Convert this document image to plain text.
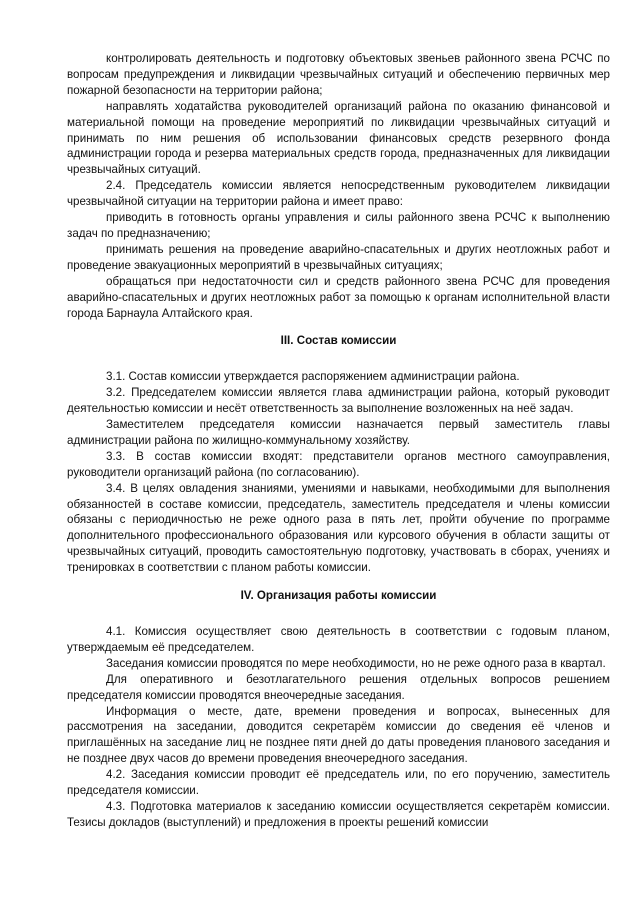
контролировать деятельность и подготовку объектовых звеньев районного звена РСЧС по вопросам предупреждения и ликвидации чрезвычайных ситуаций и обеспечению первичных мер пожарной безопасности на территории района;

направлять ходатайства руководителей организаций района по оказанию финансовой и материальной помощи на проведение мероприятий по ликвидации чрезвычайных ситуаций и принимать по ним решения об использовании финансовых средств резервного фонда администрации города и резерва материальных средств города, предназначенных для ликвидации чрезвычайных ситуаций.

2.4. Председатель комиссии является непосредственным руководителем ликвидации чрезвычайной ситуации на территории района и имеет право:

приводить в готовность органы управления и силы районного звена РСЧС к выполнению задач по предназначению;

принимать решения на проведение аварийно-спасательных и других неотложных работ и проведение эвакуационных мероприятий в чрезвычайных ситуациях;

обращаться при недостаточности сил и средств районного звена РСЧС для проведения аварийно-спасательных и других неотложных работ за помощью к органам исполнительной власти города Барнаула Алтайского края.

III. Состав комиссии

3.1. Состав комиссии утверждается распоряжением администрации района.

3.2. Председателем комиссии является глава администрации района, который руководит деятельностью комиссии и несёт ответственность за выполнение возложенных на неё задач.

Заместителем председателя комиссии назначается первый заместитель главы администрации района по жилищно-коммунальному хозяйству.

3.3. В состав комиссии входят: представители органов местного самоуправления, руководители организаций района (по согласованию).

3.4. В целях овладения знаниями, умениями и навыками, необходимыми для выполнения обязанностей в составе комиссии, председатель, заместитель председателя и члены комиссии обязаны с периодичностью не реже одного раза в пять лет, пройти обучение по программе дополнительного профессионального образования или курсового обучения в области защиты от чрезвычайных ситуаций, проводить самостоятельную подготовку, участвовать в сборах, учениях и тренировках в соответствии с планом работы комиссии.

IV. Организация работы комиссии

4.1. Комиссия осуществляет свою деятельность в соответствии с годовым планом, утверждаемым её председателем.

Заседания комиссии проводятся по мере необходимости, но не реже одного раза в квартал.

Для оперативного и безотлагательного решения отдельных вопросов решением председателя комиссии проводятся внеочередные заседания.

Информация о месте, дате, времени проведения и вопросах, вынесенных для рассмотрения на заседании, доводится секретарём комиссии до сведения её членов и приглашённых на заседание лиц не позднее пяти дней до даты проведения планового заседания и не позднее двух часов до времени проведения внеочередного заседания.

4.2. Заседания комиссии проводит её председатель или, по его поручению, заместитель председателя комиссии.

4.3. Подготовка материалов к заседанию комиссии осуществляется секретарём комиссии. Тезисы докладов (выступлений) и предложения в проекты решений комиссии
